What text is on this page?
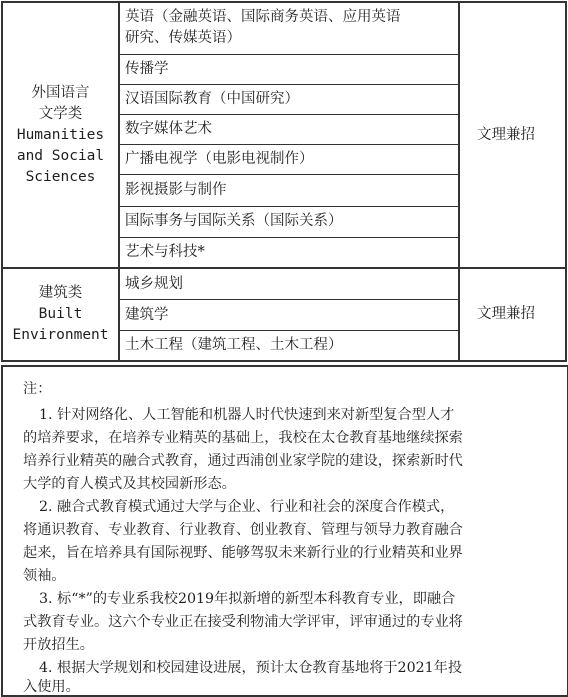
外国语言
文学类
Humanities
and Social
Sciences
英语（金融英语、国际商务英语、应用英语
研究、传媒英语）
传播学
汉语国际教育（中国研究）
数字媒体艺术
广播电视学（电影电视制作）
影视摄影与制作
国际事务与国际关系（国际关系）
艺术与科技*
文理兼招
建筑类
Built
Environment
城乡规划
建筑学
土木工程（建筑工程、土木工程）
文理兼招
注：
1. 针对网络化、人工智能和机器人时代快速到来对新型复合型人才
的培养要求，在培养专业精英的基础上，我校在太仓教育基地继续探索
培养行业精英的融合式教育，通过西浦创业家学院的建设，探索新时代
大学的育人模式及其校园新形态。
2. 融合式教育模式通过大学与企业、行业和社会的深度合作模式，
将通识教育、专业教育、行业教育、创业教育、管理与领导力教育融合
起来，旨在培养具有国际视野、能够驾驭未来新行业的行业精英和业界
领袖。
3. 标“*”的专业系我校2019年拟新增的新型本科教育专业，即融合
式教育专业。这六个专业正在接受利物浦大学评审，评审通过的专业将
开放招生。
4. 根据大学规划和校园建设进展，预计太仓教育基地将于2021年投
入使用。
